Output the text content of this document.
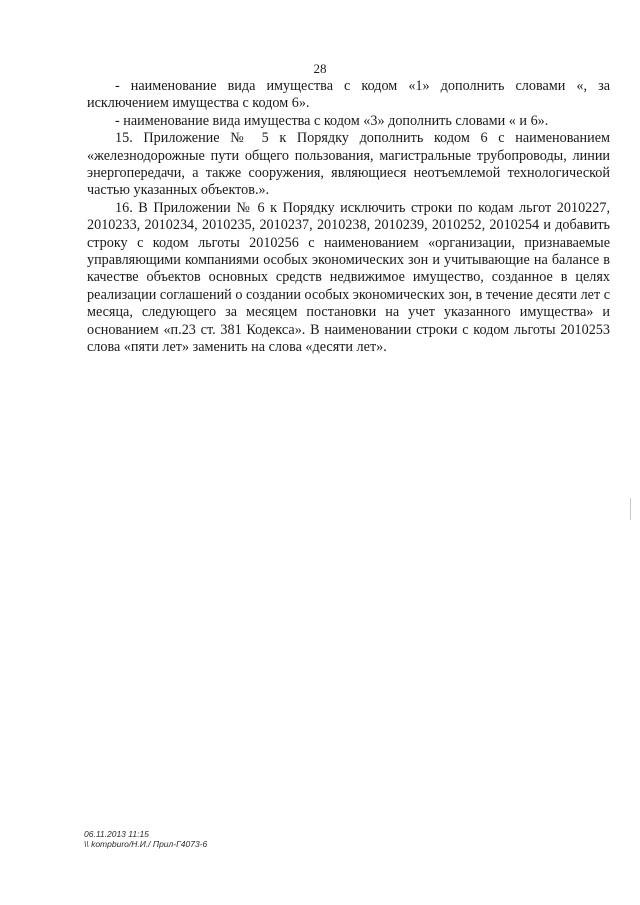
28

- наименование вида имущества с кодом «1» дополнить словами «, за исключением имущества с кодом 6».

- наименование вида имущества с кодом «3» дополнить словами « и 6».

15. Приложение № 5 к Порядку дополнить кодом 6 с наименованием «железнодорожные пути общего пользования, магистральные трубопроводы, линии энергопередачи, а также сооружения, являющиеся неотъемлемой технологической частью указанных объектов.».

16. В Приложении № 6 к Порядку исключить строки по кодам льгот 2010227, 2010233, 2010234, 2010235, 2010237, 2010238, 2010239, 2010252, 2010254 и добавить строку с кодом льготы 2010256 с наименованием «организации, признаваемые управляющими компаниями особых экономических зон и учитывающие на балансе в качестве объектов основных средств недвижимое имущество, созданное в целях реализации соглашений о создании особых экономических зон, в течение десяти лет с месяца, следующего за месяцем постановки на учет указанного имущества» и основанием «п.23 ст. 381 Кодекса». В наименовании строки с кодом льготы 2010253 слова «пяти лет» заменить на слова «десяти лет».

06.11.2013 11:15
\\ kompburo/Н.И./ Прил-Г4073-6
